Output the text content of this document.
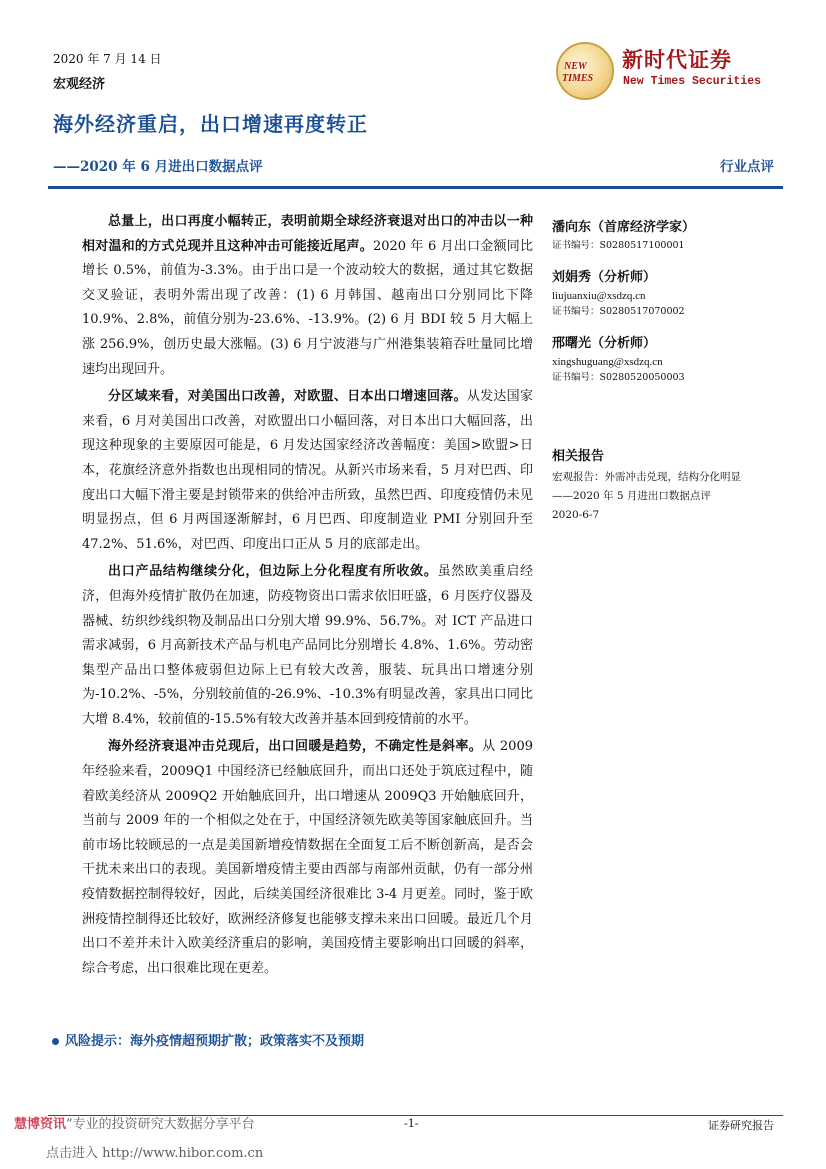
2020 年 7 月 14 日
宏观经济
NEW
TIMES
新时代证券
New Times Securities
海外经济重启，出口增速再度转正
——2020 年 6 月进出口数据点评	行业点评

总量上，出口再度小幅转正，表明前期全球经济衰退对出口的冲击以一种相对温和的方式兑现并且这种冲击可能接近尾声。2020 年 6 月出口金额同比增长 0.5%，前值为-3.3%。由于出口是一个波动较大的数据，通过其它数据交叉验证，表明外需出现了改善：(1) 6 月韩国、越南出口分别同比下降 10.9%、2.8%，前值分别为-23.6%、-13.9%。(2) 6 月 BDI 较 5 月大幅上涨 256.9%，创历史最大涨幅。(3) 6 月宁波港与广州港集装箱吞吐量同比增速均出现回升。

分区域来看，对美国出口改善，对欧盟、日本出口增速回落。从发达国家来看，6 月对美国出口改善，对欧盟出口小幅回落，对日本出口大幅回落，出现这种现象的主要原因可能是，6 月发达国家经济改善幅度：美国>欧盟>日本，花旗经济意外指数也出现相同的情况。从新兴市场来看，5 月对巴西、印度出口大幅下滑主要是封锁带来的供给冲击所致，虽然巴西、印度疫情仍未见明显拐点，但 6 月两国逐渐解封，6 月巴西、印度制造业 PMI 分别回升至 47.2%、51.6%，对巴西、印度出口正从 5 月的底部走出。

出口产品结构继续分化，但边际上分化程度有所收敛。虽然欧美重启经济，但海外疫情扩散仍在加速，防疫物资出口需求依旧旺盛，6 月医疗仪器及器械、纺织纱线织物及制品出口分别大增 99.9%、56.7%。对 ICT 产品进口需求减弱，6 月高新技术产品与机电产品同比分别增长 4.8%、1.6%。劳动密集型产品出口整体疲弱但边际上已有较大改善，服装、玩具出口增速分别为-10.2%、-5%，分别较前值的-26.9%、-10.3%有明显改善，家具出口同比大增 8.4%，较前值的-15.5%有较大改善并基本回到疫情前的水平。

海外经济衰退冲击兑现后，出口回暖是趋势，不确定性是斜率。从 2009 年经验来看，2009Q1 中国经济已经触底回升，而出口还处于筑底过程中，随着欧美经济从 2009Q2 开始触底回升，出口增速从 2009Q3 开始触底回升，当前与 2009 年的一个相似之处在于，中国经济领先欧美等国家触底回升。当前市场比较顾忌的一点是美国新增疫情数据在全面复工后不断创新高，是否会干扰未来出口的表现。美国新增疫情主要由西部与南部州贡献，仍有一部分州疫情数据控制得较好，因此，后续美国经济很难比 3-4 月更差。同时，鉴于欧洲疫情控制得还比较好，欧洲经济修复也能够支撑未来出口回暖。最近几个月出口不差并未计入欧美经济重启的影响，美国疫情主要影响出口回暖的斜率，综合考虑，出口很难比现在更差。

风险提示：海外疫情超预期扩散；政策落实不及预期
潘向东（首席经济学家）
证书编号：S0280517100001
刘娟秀（分析师）
liujuanxiu@xsdzq.cn
证书编号：S0280517070002
邢曙光（分析师）
xingshuguang@xsdzq.cn
证书编号：S0280520050003
相关报告
宏观报告：外需冲击兑现，结构分化明显
——2020 年 5 月进出口数据点评
2020-6-7
慧博资讯”专业的投资研究大数据分享平台	-1-	证券研究报告
点击进入 http://www.hibor.com.cn
